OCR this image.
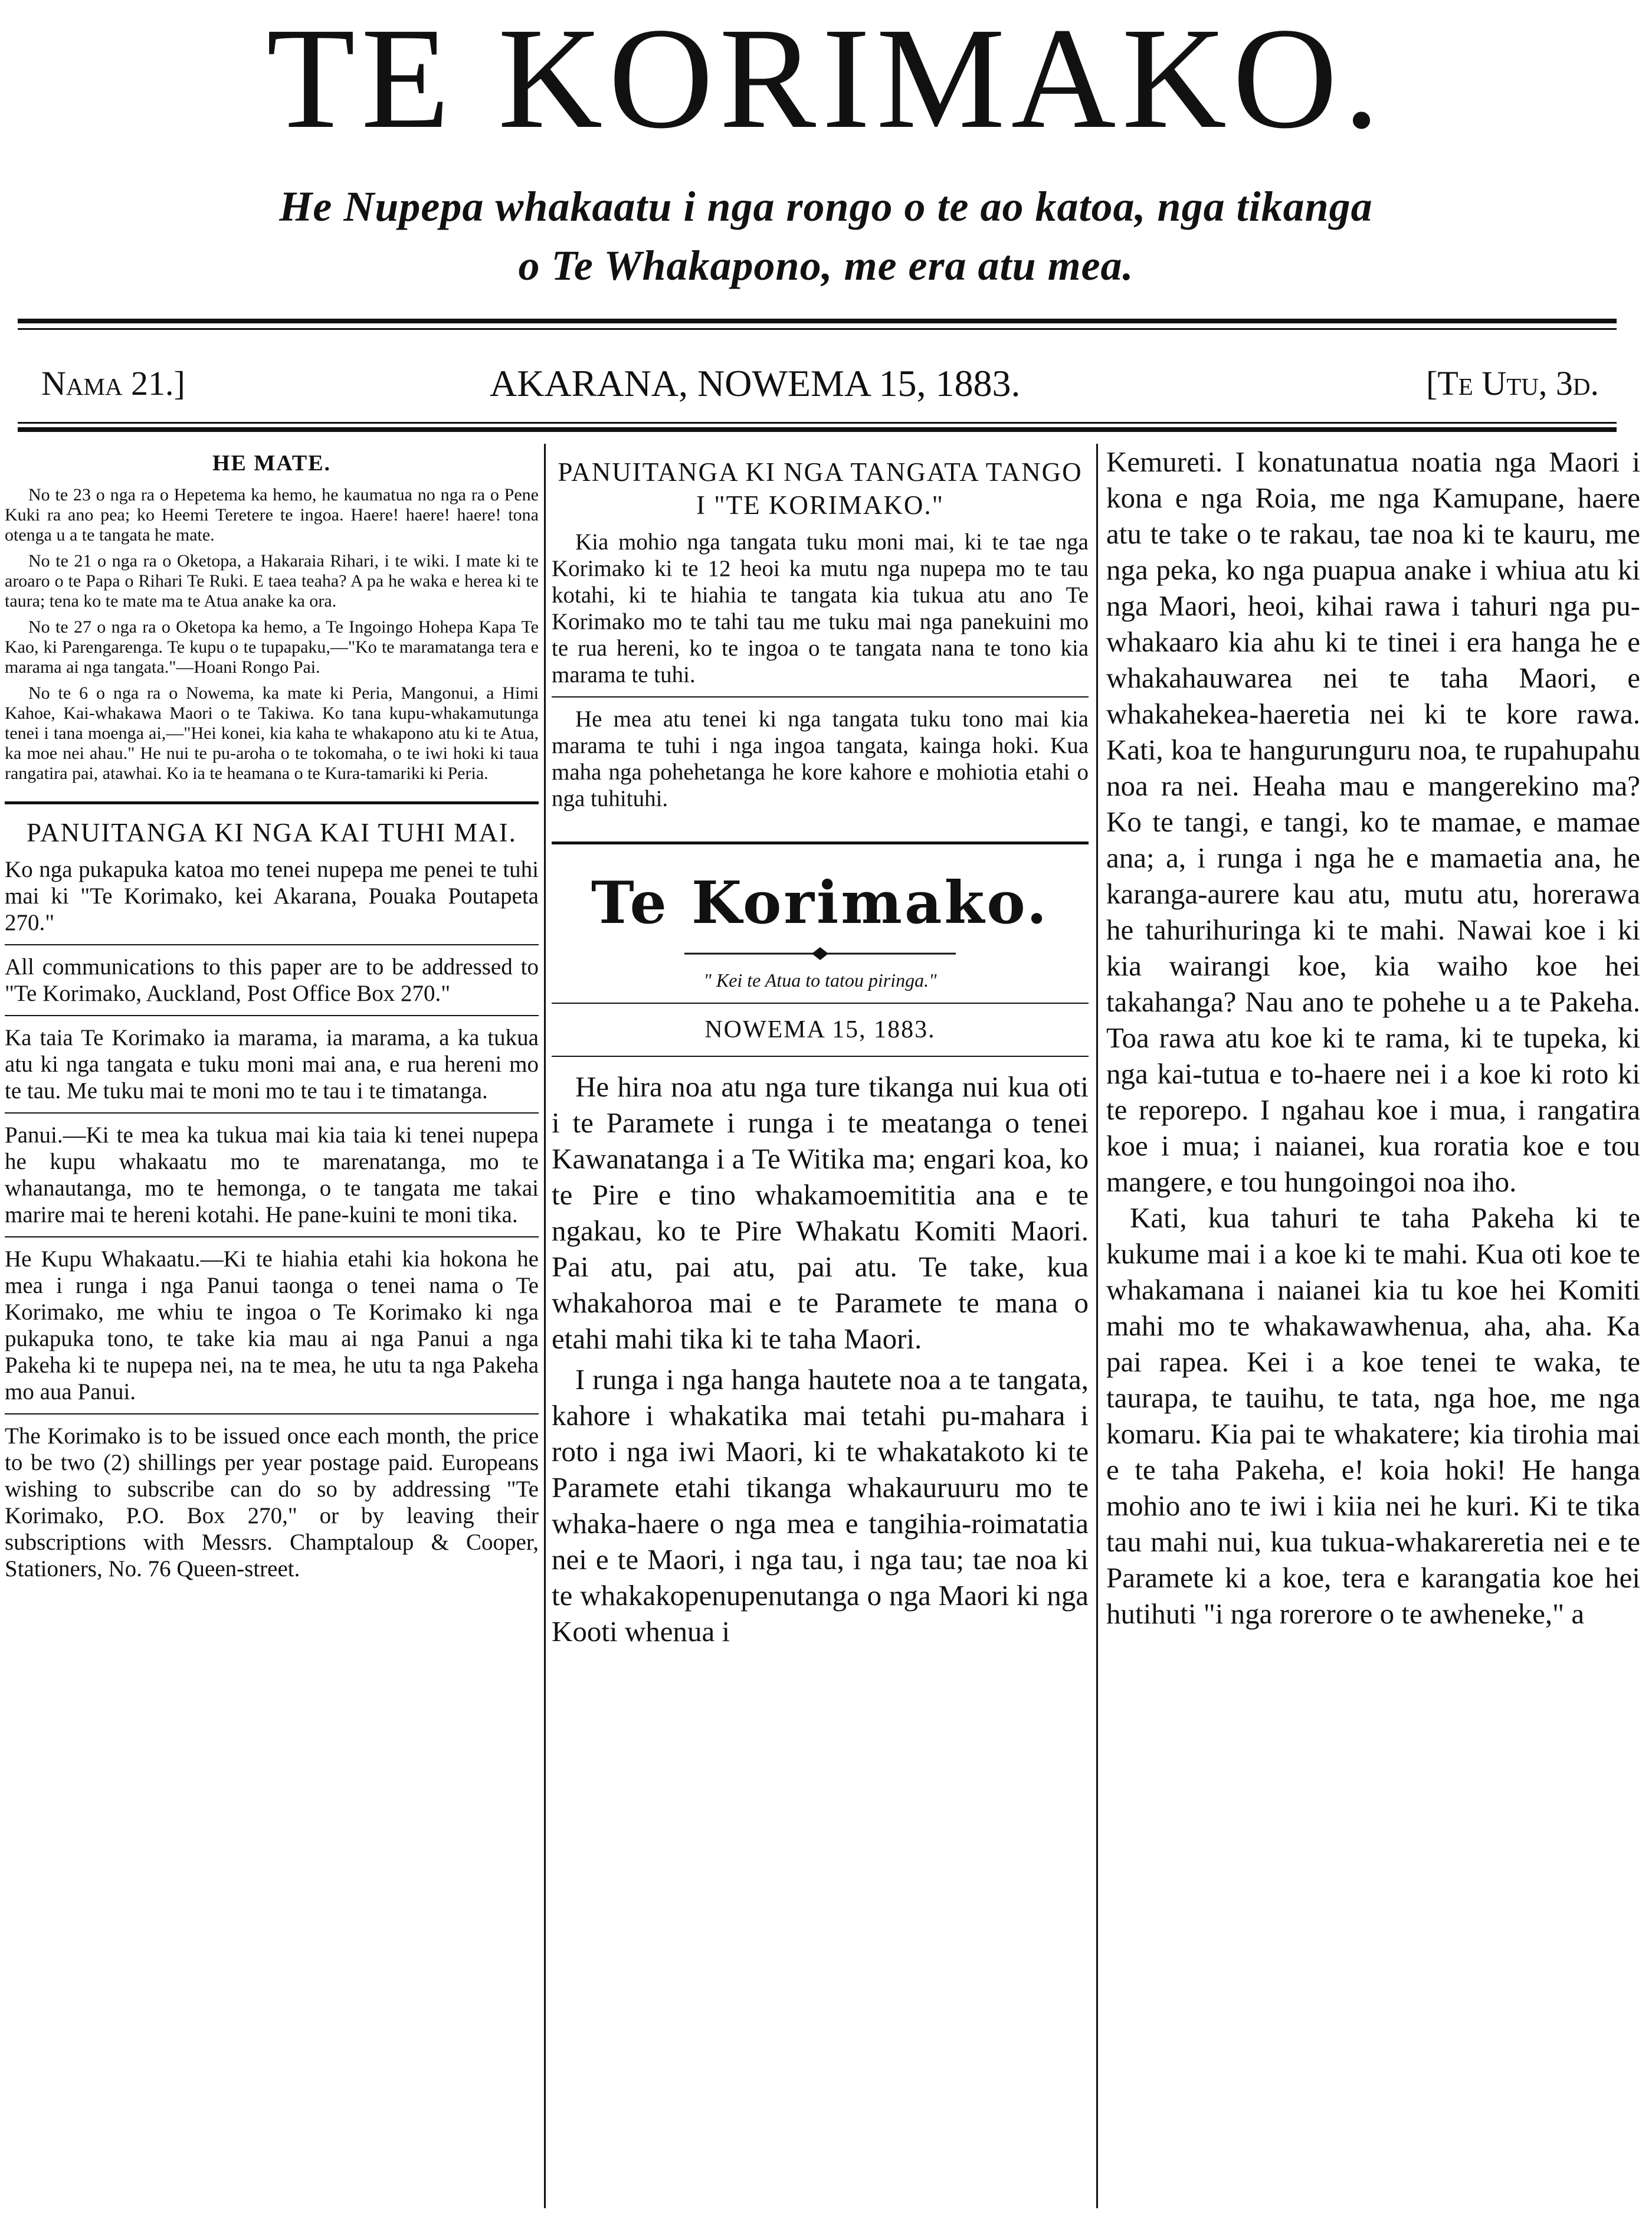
TE KORIMAKO.
He Nupepa whakaatu i nga rongo o te ao katoa, nga tikanga
o Te Whakapono, me era atu mea.
Nama 21.]	AKARANA, NOWEMA 15, 1883.	[Te Utu, 3d.
HE MATE.

No te 23 o nga ra o Hepetema ka hemo, he kaumatua no nga ra o Pene Kuki ra ano pea; ko Heemi Teretere te ingoa. Haere! haere! haere! tona otenga u a te tangata he mate.

No te 21 o nga ra o Oketopa, a Hakaraia Rihari, i te wiki. I mate ki te aroaro o te Papa o Rihari Te Ruki. E taea teaha? A pa he waka e herea ki te taura; tena ko te mate ma te Atua anake ka ora.

No te 27 o nga ra o Oketopa ka hemo, a Te Ingoingo Hohepa Kapa Te Kao, ki Parengarenga. Te kupu o te tupapaku,—"Ko te maramatanga tera e marama ai nga tangata."—Hoani Rongo Pai.

No te 6 o nga ra o Nowema, ka mate ki Peria, Mangonui, a Himi Kahoe, Kai-whakawa Maori o te Takiwa. Ko tana kupu-whakamutunga tenei i tana moenga ai,—"Hei konei, kia kaha te whakapono atu ki te Atua, ka moe nei ahau." He nui te pu-aroha o te tokomaha, o te iwi hoki ki taua rangatira pai, atawhai. Ko ia te heamana o te Kura-tamariki ki Peria.

PANUITANGA KI NGA KAI TUHI MAI.

Ko nga pukapuka katoa mo tenei nupepa me penei te tuhi mai ki "Te Korimako, kei Akarana, Pouaka Poutapeta 270."

All communications to this paper are to be addressed to "Te Korimako, Auckland, Post Office Box 270."

Ka taia Te Korimako ia marama, ia marama, a ka tukua atu ki nga tangata e tuku moni mai ana, e rua hereni mo te tau. Me tuku mai te moni mo te tau i te timatanga.

Panui.—Ki te mea ka tukua mai kia taia ki tenei nupepa he kupu whakaatu mo te marenatanga, mo te whanautanga, mo te hemonga, o te tangata me takai marire mai te hereni kotahi. He pane-kuini te moni tika.

He Kupu Whakaatu.—Ki te hiahia etahi kia hokona he mea i runga i nga Panui taonga o tenei nama o Te Korimako, me whiu te ingoa o Te Korimako ki nga pukapuka tono, te take kia mau ai nga Panui a nga Pakeha ki te nupepa nei, na te mea, he utu ta nga Pakeha mo aua Panui.

The Korimako is to be issued once each month, the price to be two (2) shillings per year postage paid. Europeans wishing to subscribe can do so by addressing "Te Korimako, P.O. Box 270," or by leaving their subscriptions with Messrs. Champtaloup & Cooper, Stationers, No. 76 Queen-street.

PANUITANGA KI NGA TANGATA TANGO I "TE KORIMAKO."

Kia mohio nga tangata tuku moni mai, ki te tae nga Korimako ki te 12 heoi ka mutu nga nupepa mo te tau kotahi, ki te hiahia te tangata kia tukua atu ano Te Korimako mo te tahi tau me tuku mai nga panekuini mo te rua hereni, ko te ingoa o te tangata nana te tono kia marama te tuhi.

He mea atu tenei ki nga tangata tuku tono mai kia marama te tuhi i nga ingoa tangata, kainga hoki. Kua maha nga pohehetanga he kore kahore e mohiotia etahi o nga tuhituhi.

Te Korimako.
" Kei te Atua to tatou piringa."
NOWEMA 15, 1883.

He hira noa atu nga ture tikanga nui kua oti i te Paramete i runga i te meatanga o tenei Kawanatanga i a Te Witika ma; engari koa, ko te Pire e tino whakamoemititia ana e te ngakau, ko te Pire Whakatu Komiti Maori. Pai atu, pai atu, pai atu. Te take, kua whakahoroa mai e te Paramete te mana o etahi mahi tika ki te taha Maori.

I runga i nga hanga hautete noa a te tangata, kahore i whakatika mai tetahi pu-mahara i roto i nga iwi Maori, ki te whakatakoto ki te Paramete etahi tikanga whakauruuru mo te whaka-haere o nga mea e tangihia-roimatatia nei e te Maori, i nga tau, i nga tau; tae noa ki te whakakopenupenutanga o nga Maori ki nga Kooti whenua i

Kemureti. I konatunatua noatia nga Maori i kona e nga Roia, me nga Kamupane, haere atu te take o te rakau, tae noa ki te kauru, me nga peka, ko nga puapua anake i whiua atu ki nga Maori, heoi, kihai rawa i tahuri nga pu-whakaaro kia ahu ki te tinei i era hanga he e whakahauwarea nei te taha Maori, e whakahekea-haeretia nei ki te kore rawa. Kati, koa te hangurunguru noa, te rupahupahu noa ra nei. Heaha mau e mangerekino ma? Ko te tangi, e tangi, ko te mamae, e mamae ana; a, i runga i nga he e mamaetia ana, he karanga-aurere kau atu, mutu atu, horerawa he tahurihuringa ki te mahi. Nawai koe i ki kia wairangi koe, kia waiho koe hei takahanga? Nau ano te pohehe u a te Pakeha. Toa rawa atu koe ki te rama, ki te tupeka, ki nga kai-tutua e to-haere nei i a koe ki roto ki te reporepo. I ngahau koe i mua, i rangatira koe i mua; i naianei, kua roratia koe e tou mangere, e tou hungoingoi noa iho.

Kati, kua tahuri te taha Pakeha ki te kukume mai i a koe ki te mahi. Kua oti koe te whakamana i naianei kia tu koe hei Komiti mahi mo te whakawawhenua, aha, aha. Ka pai rapea. Kei i a koe tenei te waka, te taurapa, te tauihu, te tata, nga hoe, me nga komaru. Kia pai te whakatere; kia tirohia mai e te taha Pakeha, e! koia hoki! He hanga mohio ano te iwi i kiia nei he kuri. Ki te tika tau mahi nui, kua tukua-whakareretia nei e te Paramete ki a koe, tera e karangatia koe hei hutihuti "i nga rorerore o te awheneke," a
